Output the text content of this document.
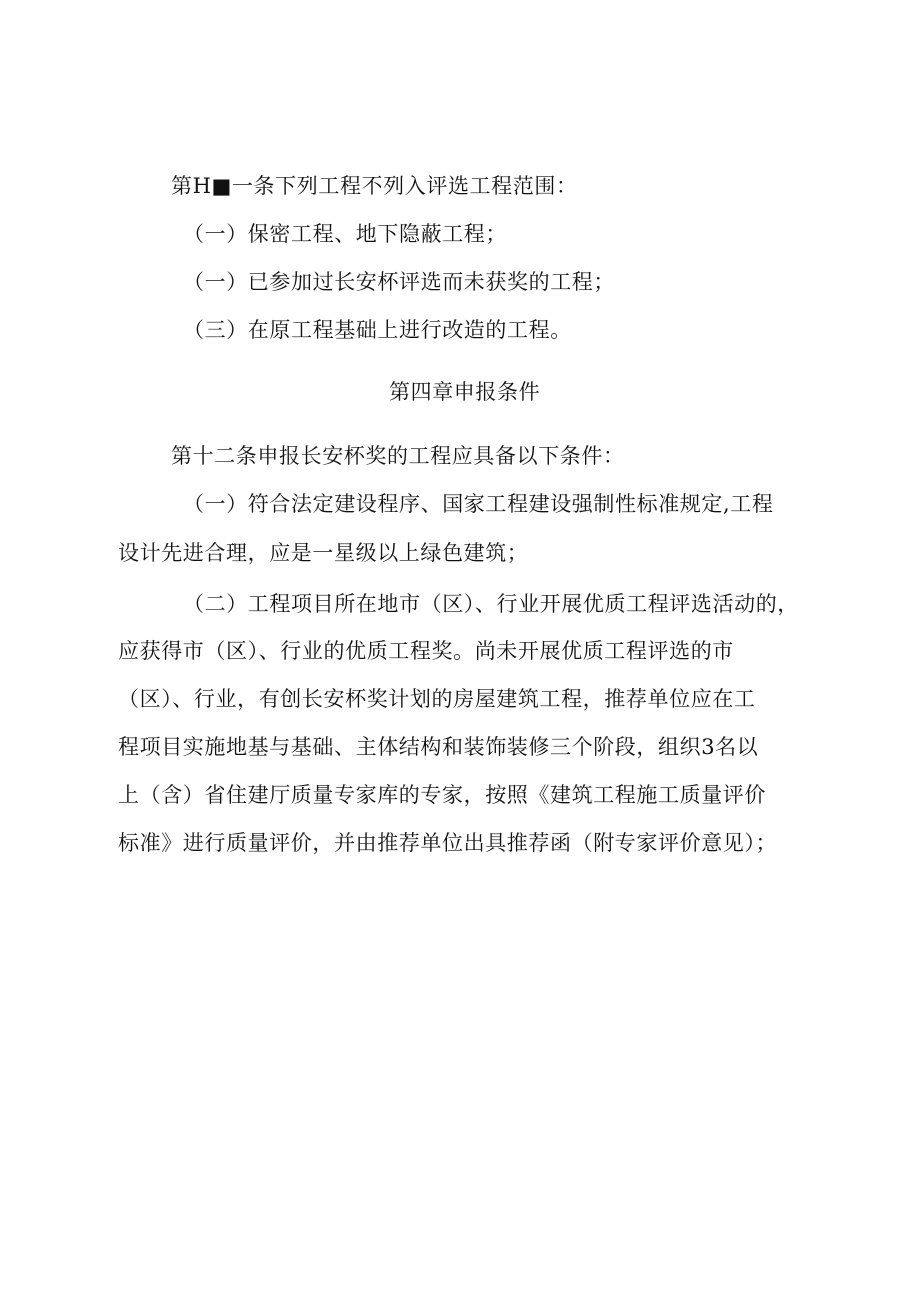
第H■一条下列工程不列入评选工程范围：
（一）保密工程、地下隐蔽工程；
（一）已参加过长安杯评选而未获奖的工程；
（三）在原工程基础上进行改造的工程。
第四章申报条件
第十二条申报长安杯奖的工程应具备以下条件：
（一）符合法定建设程序、国家工程建设强制性标准规定,工程
设计先进合理，应是一星级以上绿色建筑；
（二）工程项目所在地市（区）、行业开展优质工程评选活动的，
应获得市（区）、行业的优质工程奖。尚未开展优质工程评选的市
（区）、行业，有创长安杯奖计划的房屋建筑工程，推荐单位应在工
程项目实施地基与基础、主体结构和装饰装修三个阶段，组织3名以
上（含）省住建厅质量专家库的专家，按照《建筑工程施工质量评价
标准》进行质量评价，并由推荐单位出具推荐函（附专家评价意见）；
